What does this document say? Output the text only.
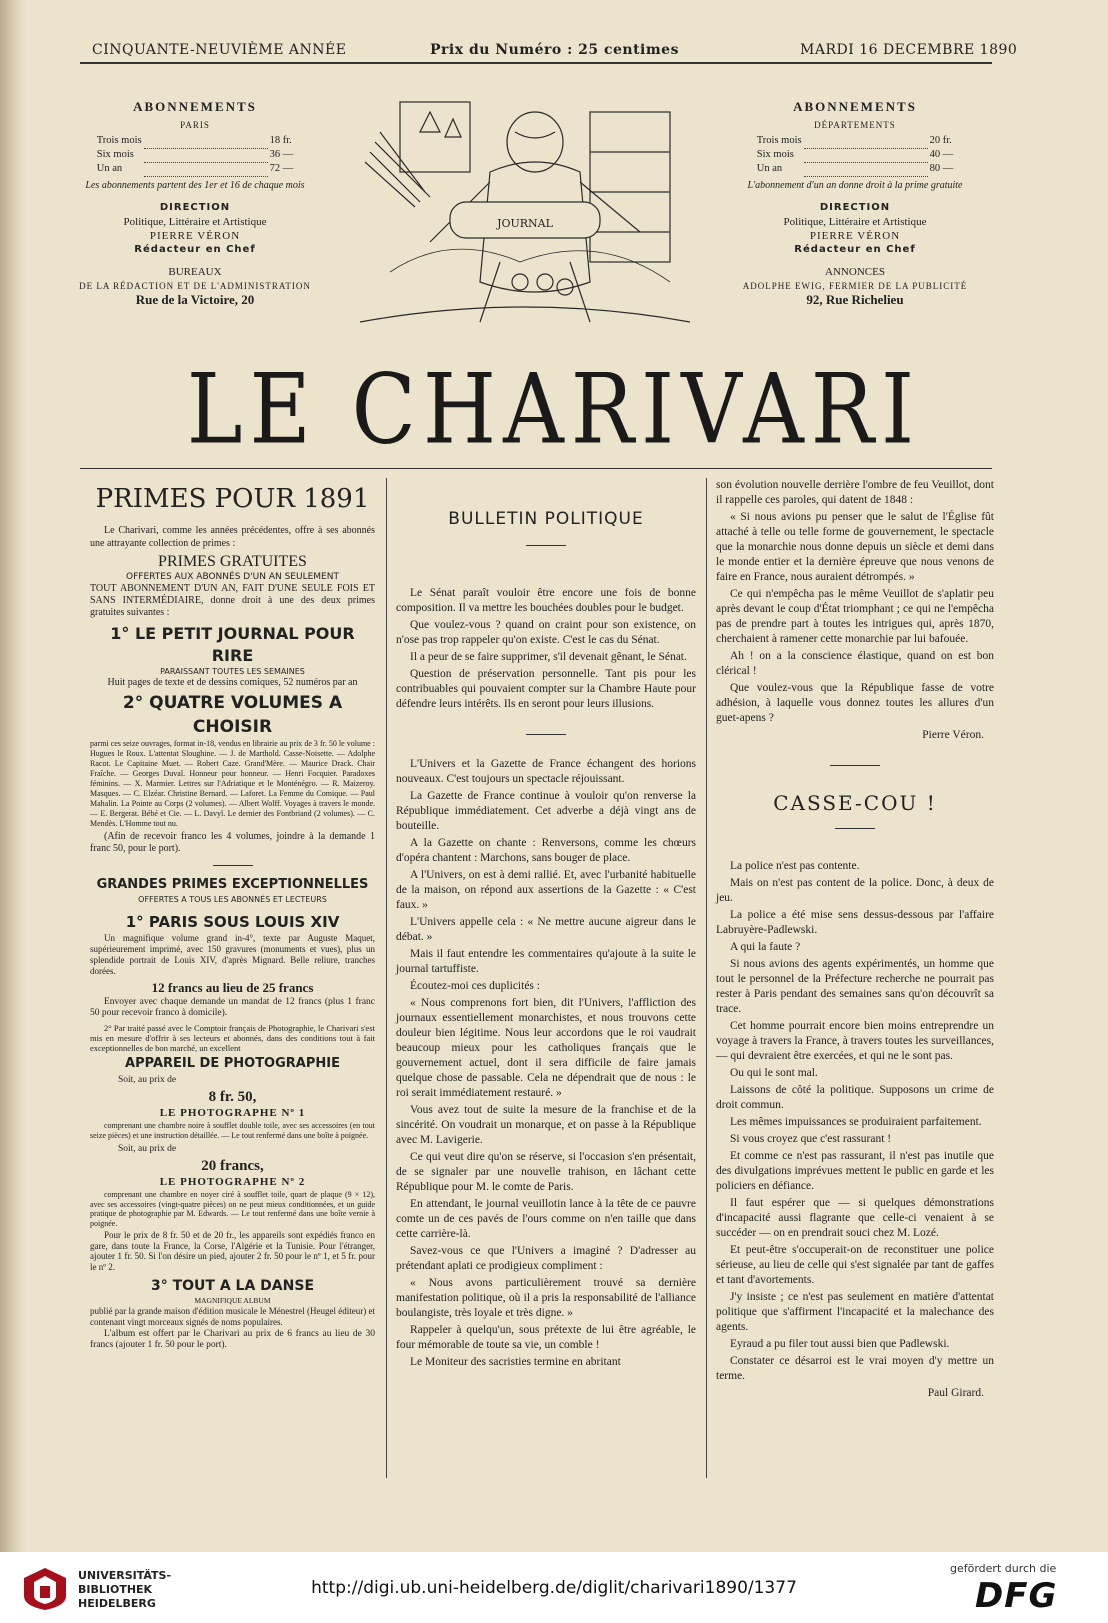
CINQUANTE-NEUVIÈME ANNÉE	Prix du Numéro : 25 centimes	MARDI 16 DECEMBRE 1890
ABONNEMENTS
PARIS
Trois mois		18 fr.
Six mois		36 —
Un an		72 —
Les abonnements partent des 1er et 16 de chaque mois
DIRECTION
Politique, Littéraire et Artistique
PIERRE VÉRON
Rédacteur en Chef
BUREAUX
DE LA RÉDACTION ET DE L'ADMINISTRATION
Rue de la Victoire, 20
ABONNEMENTS
DÉPARTEMENTS
Trois mois		20 fr.
Six mois		40 —
Un an		80 —
L'abonnement d'un an donne droit à la prime gratuite
DIRECTION
Politique, Littéraire et Artistique
PIERRE VÉRON
Rédacteur en Chef
ANNONCES
ADOLPHE EWIG, FERMIER DE LA PUBLICITÉ
92, Rue Richelieu
JOURNAL
LE CHARIVARI
PRIMES POUR 1891

Le Charivari, comme les années précédentes, offre à ses abonnés une attrayante collection de primes :

PRIMES GRATUITES
OFFERTES AUX ABONNÉS D'UN AN SEULEMENT

TOUT ABONNEMENT D'UN AN, FAIT D'UNE SEULE FOIS ET SANS INTERMÉDIAIRE, donne droit à une des deux primes gratuites suivantes :

1° LE PETIT JOURNAL POUR RIRE
PARAISSANT TOUTES LES SEMAINES
Huit pages de texte et de dessins comiques, 52 numéros par an
2° QUATRE VOLUMES A CHOISIR

parmi ces seize ouvrages, format in-18, vendus en librairie au prix de 3 fr. 50 le volume : Hugues le Roux. L'attentat Sloughine. — J. de Marthold. Casse-Noisette. — Adolphe Racot. Le Capitaine Muet. — Robert Caze. Grand'Mère. — Maurice Drack. Chair Fraîche. — Georges Duval. Honneur pour honneur. — Henri Focquier. Paradoxes féminins. — X. Marmier. Lettres sur l'Adriatique et le Monténégro. — R. Maizeroy. Masques. — C. Elzéar. Christine Bernard. — Laforet. La Femme du Comique. — Paul Mahalin. La Pointe au Corps (2 volumes). — Albert Wolff. Voyages à travers le monde. — E. Bergerat. Bébé et Cie. — L. Davyl. Le dernier des Fontbriand (2 volumes). — C. Mendès. L'Homme tout nu.

(Afin de recevoir franco les 4 volumes, joindre à la demande 1 franc 50, pour le port).

GRANDES PRIMES EXCEPTIONNELLES
OFFERTES A TOUS LES ABONNÉS ET LECTEURS
1° PARIS SOUS LOUIS XIV

Un magnifique volume grand in-4°, texte par Auguste Maquet, supérieurement imprimé, avec 150 gravures (monuments et vues), plus un splendide portrait de Louis XIV, d'après Mignard. Belle reliure, tranches dorées.

12 francs au lieu de 25 francs

Envoyer avec chaque demande un mandat de 12 francs (plus 1 franc 50 pour recevoir franco à domicile).

2° Par traité passé avec le Comptoir français de Photographie, le Charivari s'est mis en mesure d'offrir à ses lecteurs et abonnés, dans des conditions tout à fait exceptionnelles de bon marché, un excellent

APPAREIL DE PHOTOGRAPHIE
Soit, au prix de
8 fr. 50,
LE PHOTOGRAPHE Nº 1

comprenant une chambre noire à soufflet double toile, avec ses accessoires (en tout seize pièces) et une instruction détaillée. — Le tout renfermé dans une boîte à poignée.

Soit, au prix de
20 francs,
LE PHOTOGRAPHE Nº 2

comprenant une chambre en noyer ciré à soufflet toile, quart de plaque (9 × 12), avec ses accessoires (vingt-quatre pièces) on ne peut mieux conditionnées, et un guide pratique de photographie par M. Edwards. — Le tout renfermé dans une boîte vernie à poignée.

Pour le prix de 8 fr. 50 et de 20 fr., les appareils sont expédiés franco en gare, dans toute la France, la Corse, l'Algérie et la Tunisie. Pour l'étranger, ajouter 1 fr. 50. Si l'on désire un pied, ajouter 2 fr. 50 pour le nº 1, et 5 fr. pour le nº 2.

3° TOUT A LA DANSE
MAGNIFIQUE ALBUM

publié par la grande maison d'édition musicale le Ménestrel (Heugel éditeur) et contenant vingt morceaux signés de noms populaires.

L'album est offert par le Charivari au prix de 6 francs au lieu de 30 francs (ajouter 1 fr. 50 pour le port).

BULLETIN POLITIQUE

Le Sénat paraît vouloir être encore une fois de bonne composition. Il va mettre les bouchées doubles pour le budget.

Que voulez-vous ? quand on craint pour son existence, on n'ose pas trop rappeler qu'on existe. C'est le cas du Sénat.

Il a peur de se faire supprimer, s'il devenait gênant, le Sénat.

Question de préservation personnelle. Tant pis pour les contribuables qui pouvaient compter sur la Chambre Haute pour défendre leurs intérêts. Ils en seront pour leurs illusions.

L'Univers et la Gazette de France échangent des horions nouveaux. C'est toujours un spectacle réjouissant.

La Gazette de France continue à vouloir qu'on renverse la République immédiatement. Cet adverbe a déjà vingt ans de bouteille.

A la Gazette on chante : Renversons, comme les chœurs d'opéra chantent : Marchons, sans bouger de place.

A l'Univers, on est à demi rallié. Et, avec l'urbanité habituelle de la maison, on répond aux assertions de la Gazette : « C'est faux. »

L'Univers appelle cela : « Ne mettre aucune aigreur dans le débat. »

Mais il faut entendre les commentaires qu'ajoute à la suite le journal tartuffiste.

Écoutez-moi ces duplicités :

« Nous comprenons fort bien, dit l'Univers, l'affliction des journaux essentiellement monarchistes, et nous trouvons cette douleur bien légitime. Nous leur accordons que le roi vaudrait beaucoup mieux pour les catholiques français que le gouvernement actuel, dont il sera difficile de faire jamais quelque chose de passable. Cela ne dépendrait que de nous : le roi serait immédiatement restauré. »

Vous avez tout de suite la mesure de la franchise et de la sincérité. On voudrait un monarque, et on passe à la République avec M. Lavigerie.

Ce qui veut dire qu'on se réserve, si l'occasion s'en présentait, de se signaler par une nouvelle trahison, en lâchant cette République pour M. le comte de Paris.

En attendant, le journal veuillotin lance à la tête de ce pauvre comte un de ces pavés de l'ours comme on n'en taille que dans cette carrière-là.

Savez-vous ce que l'Univers a imaginé ? D'adresser au prétendant aplati ce prodigieux compliment :

« Nous avons particulièrement trouvé sa dernière manifestation politique, où il a pris la responsabilité de l'alliance boulangiste, très loyale et très digne. »

Rappeler à quelqu'un, sous prétexte de lui être agréable, le four mémorable de toute sa vie, un comble !

Le Moniteur des sacristies termine en abritant

son évolution nouvelle derrière l'ombre de feu Veuillot, dont il rappelle ces paroles, qui datent de 1848 :

« Si nous avions pu penser que le salut de l'Église fût attaché à telle ou telle forme de gouvernement, le spectacle que la monarchie nous donne depuis un siècle et demi dans le monde entier et la dernière épreuve que nous venons de faire en France, nous auraient détrompés. »

Ce qui n'empêcha pas le même Veuillot de s'aplatir peu après devant le coup d'État triomphant ; ce qui ne l'empêcha pas de prendre part à toutes les intrigues qui, après 1870, cherchaient à ramener cette monarchie par lui bafouée.

Ah ! on a la conscience élastique, quand on est bon clérical !

Que voulez-vous que la République fasse de votre adhésion, à laquelle vous donnez toutes les allures d'un guet-apens ?

Pierre Véron.

CASSE-COU !

La police n'est pas contente.

Mais on n'est pas content de la police. Donc, à deux de jeu.

La police a été mise sens dessus-dessous par l'affaire Labruyère-Padlewski.

A qui la faute ?

Si nous avions des agents expérimentés, un homme que tout le personnel de la Préfecture recherche ne pourrait pas rester à Paris pendant des semaines sans qu'on découvrît sa trace.

Cet homme pourrait encore bien moins entreprendre un voyage à travers la France, à travers toutes les surveillances, — qui devraient être exercées, et qui ne le sont pas.

Ou qui le sont mal.

Laissons de côté la politique. Supposons un crime de droit commun.

Les mêmes impuissances se produiraient parfaitement.

Si vous croyez que c'est rassurant !

Et comme ce n'est pas rassurant, il n'est pas inutile que des divulgations imprévues mettent le public en garde et les policiers en défiance.

Il faut espérer que — si quelques démonstrations d'incapacité aussi flagrante que celle-ci venaient à se succéder — on en prendrait souci chez M. Lozé.

Et peut-être s'occuperait-on de reconstituer une police sérieuse, au lieu de celle qui s'est signalée par tant de gaffes et tant d'avortements.

J'y insiste ; ce n'est pas seulement en matière d'attentat politique que s'affirment l'incapacité et la malechance des agents.

Eyraud a pu filer tout aussi bien que Padlewski.

Constater ce désarroi est le vrai moyen d'y mettre un terme.

Paul Girard.

UNIVERSITÄTS-
BIBLIOTHEK
HEIDELBERG
http://digi.ub.uni-heidelberg.de/diglit/charivari1890/1377
gefördert durch die
DFG
